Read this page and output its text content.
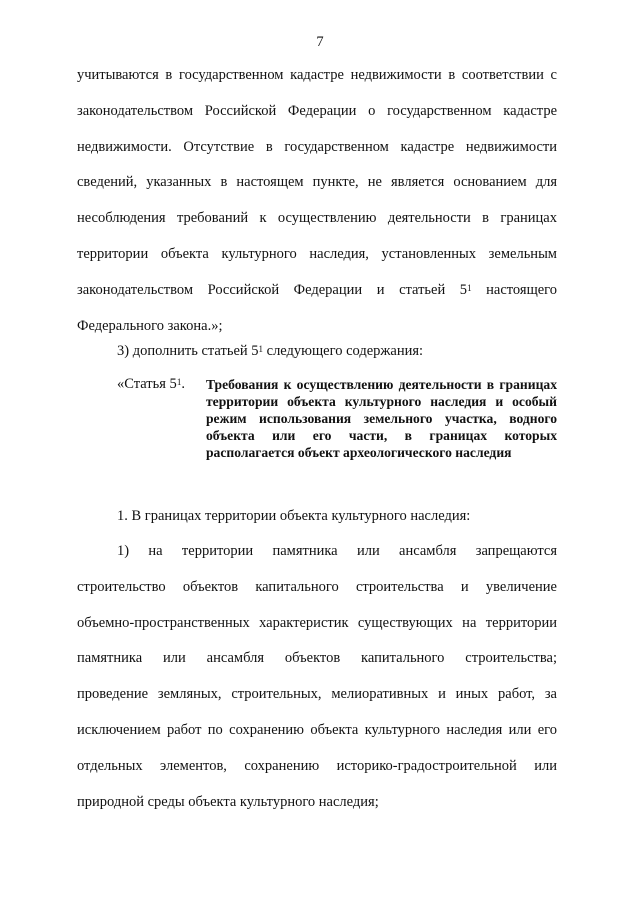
7
учитываются в государственном кадастре недвижимости в соответствии с
законодательством Российской Федерации о государственном кадастре
недвижимости. Отсутствие в государственном кадастре недвижимости
сведений, указанных в настоящем пункте, не является основанием для
несоблюдения требований к осуществлению деятельности в границах
территории объекта культурного наследия, установленных земельным
законодательством Российской Федерации и статьей $5^1$ настоящего
Федерального закона.»;
3) дополнить статьей $5^1$ следующего содержания:
«Статья $5^1$. Требования к осуществлению деятельности в границах территории объекта культурного наследия и особый режим использования земельного участка, водного объекта или его части, в границах которых располагается объект археологического наследия
1. В границах территории объекта культурного наследия:
1) на территории памятника или ансамбля запрещаются
строительство объектов капитального строительства и увеличение
объемно-пространственных характеристик существующих на территории
памятника или ансамбля объектов капитального строительства;
проведение земляных, строительных, мелиоративных и иных работ, за
исключением работ по сохранению объекта культурного наследия или его
отдельных элементов, сохранению историко-градостроительной или
природной среды объекта культурного наследия;
